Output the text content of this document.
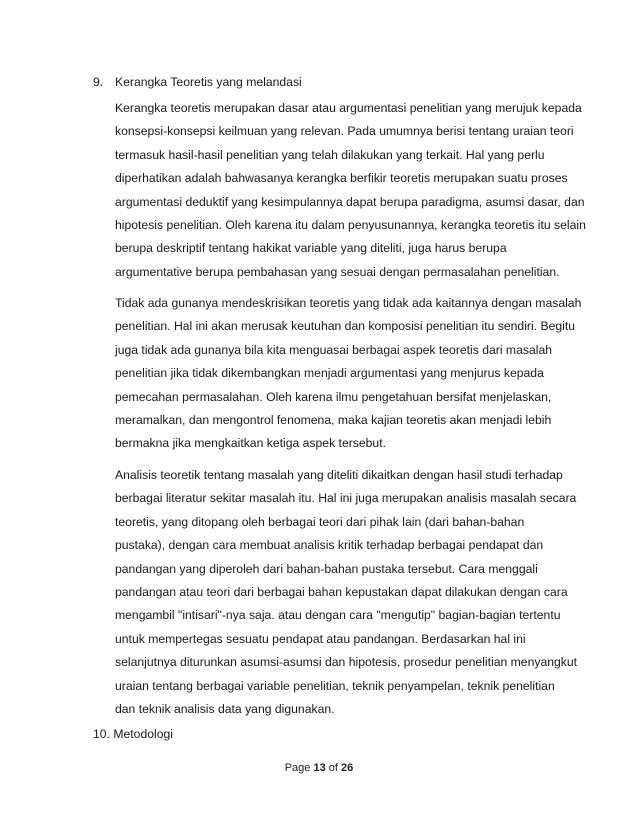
9. Kerangka Teoretis yang melandasi
Kerangka teoretis merupakan dasar atau argumentasi penelitian yang merujuk kepada
konsepsi-konsepsi keilmuan yang relevan. Pada umumnya berisi tentang uraian teori
termasuk hasil-hasil penelitian yang telah dilakukan yang terkait. Hal yang perlu
diperhatikan adalah bahwasanya kerangka berfikir teoretis merupakan suatu proses
argumentasi deduktif yang kesimpulannya dapat berupa paradigma, asumsi dasar, dan
hipotesis penelitian. Oleh karena itu dalam penyusunannya, kerangka teoretis itu selain
berupa deskriptif tentang hakikat variable yang diteliti, juga harus berupa
argumentative berupa pembahasan yang sesuai dengan permasalahan penelitian.
Tidak ada gunanya mendeskrisikan teoretis yang tidak ada kaitannya dengan masalah
penelitian. Hal ini akan merusak keutuhan dan komposisi penelitian itu sendiri. Begitu
juga tidak ada gunanya bila kita menguasai berbagai aspek teoretis dari masalah
penelitian jika tidak dikembangkan menjadi argumentasi yang menjurus kepada
pemecahan permasalahan. Oleh karena ilmu pengetahuan bersifat menjelaskan,
meramalkan, dan mengontrol fenomena, maka kajian teoretis akan menjadi lebih
bermakna jika mengkaitkan ketiga aspek tersebut.
Analisis teoretik tentang masalah yang diteliti dikaitkan dengan hasil studi terhadap
berbagai literatur sekitar masalah itu. Hal ini juga merupakan analisis masalah secara
teoretis, yang ditopang oleh berbagai teori dari pihak lain (dari bahan-bahan
pustaka), dengan cara membuat analisis kritik terhadap berbagai pendapat dan
pandangan yang diperoleh dari bahan-bahan pustaka tersebut. Cara menggali
pandangan atau teori dari berbagai bahan kepustakan dapat dilakukan dengan cara
mengambil "intisari"-nya saja. atau dengan cara "mengutip" bagian-bagian tertentu
untuk mempertegas sesuatu pendapat atau pandangan. Berdasarkan hal ini
selanjutnya diturunkan asumsi-asumsi dan hipotesis, prosedur penelitian menyangkut
uraian tentang berbagai variable penelitian, teknik penyampelan, teknik penelitian
dan teknik analisis data yang digunakan.
10. Metodologi
Page 13 of 26
